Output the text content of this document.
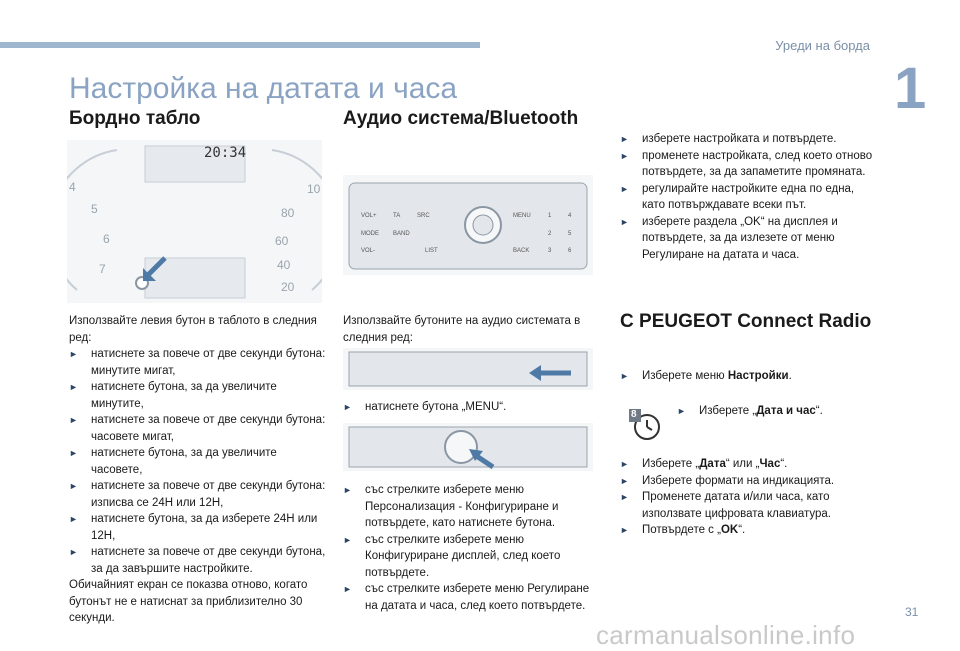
Уреди на борда
1
Настройка на датата и часа
Бордно табло
20:34
4
5
6
7
10
80
60
40
20

Използвайте левия бутон в таблото в следния ред:

► натиснете за повече от две секунди бутона: минутите мигат,
► натиснете бутона, за да увеличите минутите,
► натиснете за повече от две секунди бутона: часовете мигат,
► натиснете бутона, за да увеличите часовете,
► натиснете за повече от две секунди бутона: изписва се 24H или 12H,
► натиснете бутона, за да изберете 24H или 12H,
► натиснете за повече от две секунди бутона, за да завършите настройките.

Обичайният екран се показва отново, когато бутонът не е натиснат за приблизително 30 секунди.

Аудио система/Bluetooth
VOL+	TA	SRC	MENU
MODE BAND
VOL-	LIST	BACK
1	4
2	5
3	6

Използвайте бутоните на аудио системата в следния ред:

► натиснете бутона „MENU“.
► със стрелките изберете меню Персонализация - Конфигуриране и потвърдете, като натиснете бутона.
► със стрелките изберете меню Конфигуриране дисплей, след което потвърдете.
► със стрелките изберете меню Регулиране на датата и часа, след което потвърдете.
► изберете настройката и потвърдете.
► променете настройката, след което отново потвърдете, за да запаметите промяната.
► регулирайте настройките една по една, като потвърждавате всеки път.
► изберете раздела „OK“ на дисплея и потвърдете, за да излезете от меню Регулиране на датата и часа.
C PEUGEOT Connect Radio
► Изберете меню Настройки.
8	► Изберете „Дата и час“.
► Изберете „Дата“ или „Час“.
► Изберете формати на индикацията.
► Променете датата и/или часа, като използвате цифровата клавиатура.
► Потвърдете с „OK“.
31
carmanualsonline.info
